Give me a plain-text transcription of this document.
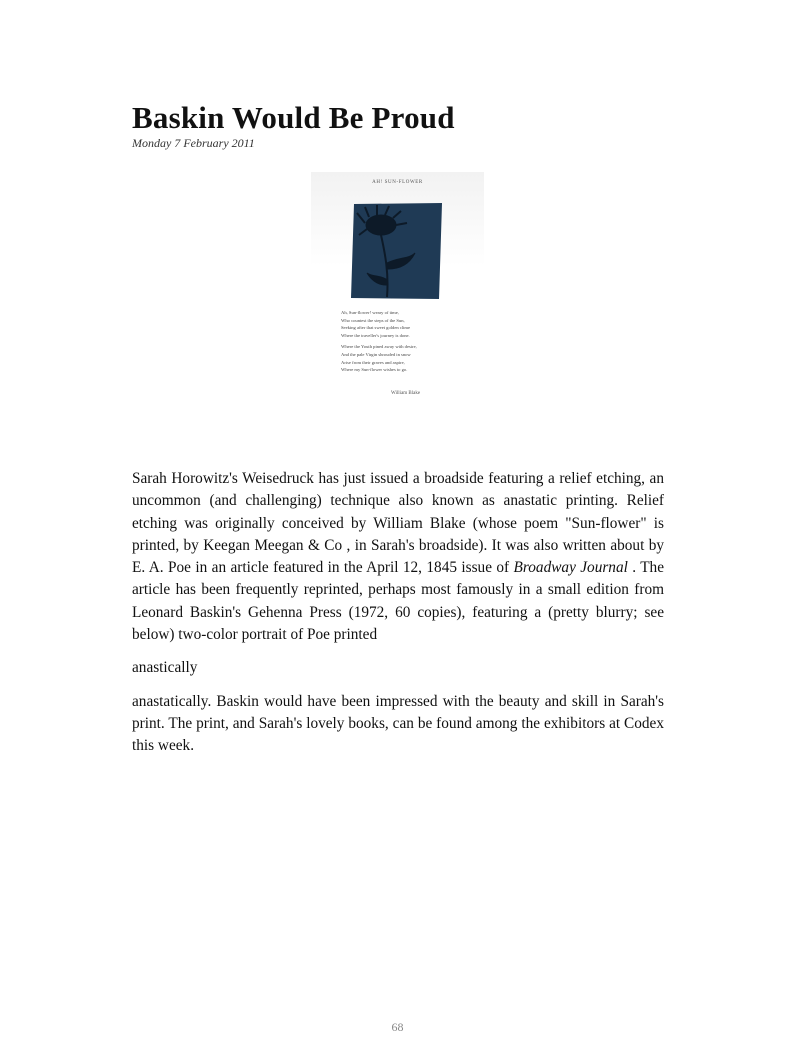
Baskin Would Be Proud
Monday 7 February 2011
AH! SUN-FLOWER
Ah, Sun-flower! weary of time,
Who countest the steps of the Sun,
Seeking after that sweet golden clime
Where the traveller's journey is done.
Where the Youth pined away with desire,
And the pale Virgin shrouded in snow
Arise from their graves and aspire,
Where my Sun-flower wishes to go.
William Blake

Sarah Horowitz's Weisedruck has just issued a broadside featuring a relief etching, an uncommon (and challenging) technique also known as anastatic printing. Relief etching was originally conceived by William Blake (whose poem "Sun-flower" is printed, by Keegan Meegan & Co , in Sarah's broadside). It was also written about by E. A. Poe in an article featured in the April 12, 1845 issue of Broadway Journal . The article has been frequently reprinted, perhaps most famously in a small edition from Leonard Baskin's Gehenna Press (1972, 60 copies), featuring a (pretty blurry; see below) two-color portrait of Poe printed

anastically

anastatically. Baskin would have been impressed with the beauty and skill in Sarah's print. The print, and Sarah's lovely books, can be found among the exhibitors at Codex this week.

68
